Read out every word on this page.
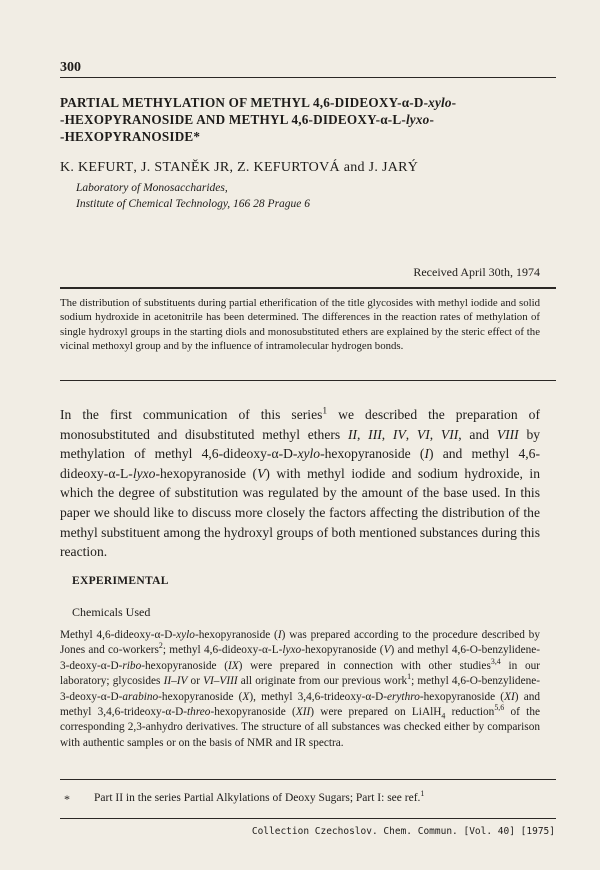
300
PARTIAL METHYLATION OF METHYL 4,6-DIDEOXY-α-D-xylo-
-HEXOPYRANOSIDE AND METHYL 4,6-DIDEOXY-α-L-lyxo-
-HEXOPYRANOSIDE*
K. KEFURT, J. STANĚK JR, Z. KEFURTOVÁ and J. JARÝ
Laboratory of Monosaccharides,
Institute of Chemical Technology, 166 28 Prague 6
Received April 30th, 1974
The distribution of substituents during partial etherification of the title glycosides with methyl iodide and solid sodium hydroxide in acetonitrile has been determined. The differences in the reaction rates of methylation of single hydroxyl groups in the starting diols and monosubstituted ethers are explained by the steric effect of the vicinal methoxyl group and by the influence of intramolecular hydrogen bonds.
In the first communication of this series$^1$ we described the preparation of monosubstituted and disubstituted methyl ethers II, III, IV, VI, VII, and VIII by methylation of methyl 4,6-dideoxy-α-D-xylo-hexopyranoside (I) and methyl 4,6-dideoxy-α-L-lyxo-hexopyranoside (V) with methyl iodide and sodium hydroxide, in which the degree of substitution was regulated by the amount of the base used. In this paper we should like to discuss more closely the factors affecting the distribution of the methyl substituent among the hydroxyl groups of both mentioned substances during this reaction.
EXPERIMENTAL
Chemicals Used
Methyl 4,6-dideoxy-α-D-xylo-hexopyranoside (I) was prepared according to the procedure described by Jones and co-workers$^2$; methyl 4,6-dideoxy-α-L-lyxo-hexopyranoside (V) and methyl 4,6-O-benzylidene-3-deoxy-α-D-ribo-hexopyranoside (IX) were prepared in connection with other studies$^{3,4}$ in our laboratory; glycosides II–IV or VI–VIII all originate from our previous work$^1$; methyl 4,6-O-benzylidene-3-deoxy-α-D-arabino-hexopyranoside (X), methyl 3,4,6-trideoxy-α-D-erythro-hexopyranoside (XI) and methyl 3,4,6-trideoxy-α-D-threo-hexopyranoside (XII) were prepared on LiAlH$_4$ reduction$^{5,6}$ of the corresponding 2,3-anhydro derivatives. The structure of all substances was checked either by comparison with authentic samples or on the basis of NMR and IR spectra.
* Part II in the series Partial Alkylations of Deoxy Sugars; Part I: see ref.$^1$
Collection Czechoslov. Chem. Commun. [Vol. 40] [1975]
